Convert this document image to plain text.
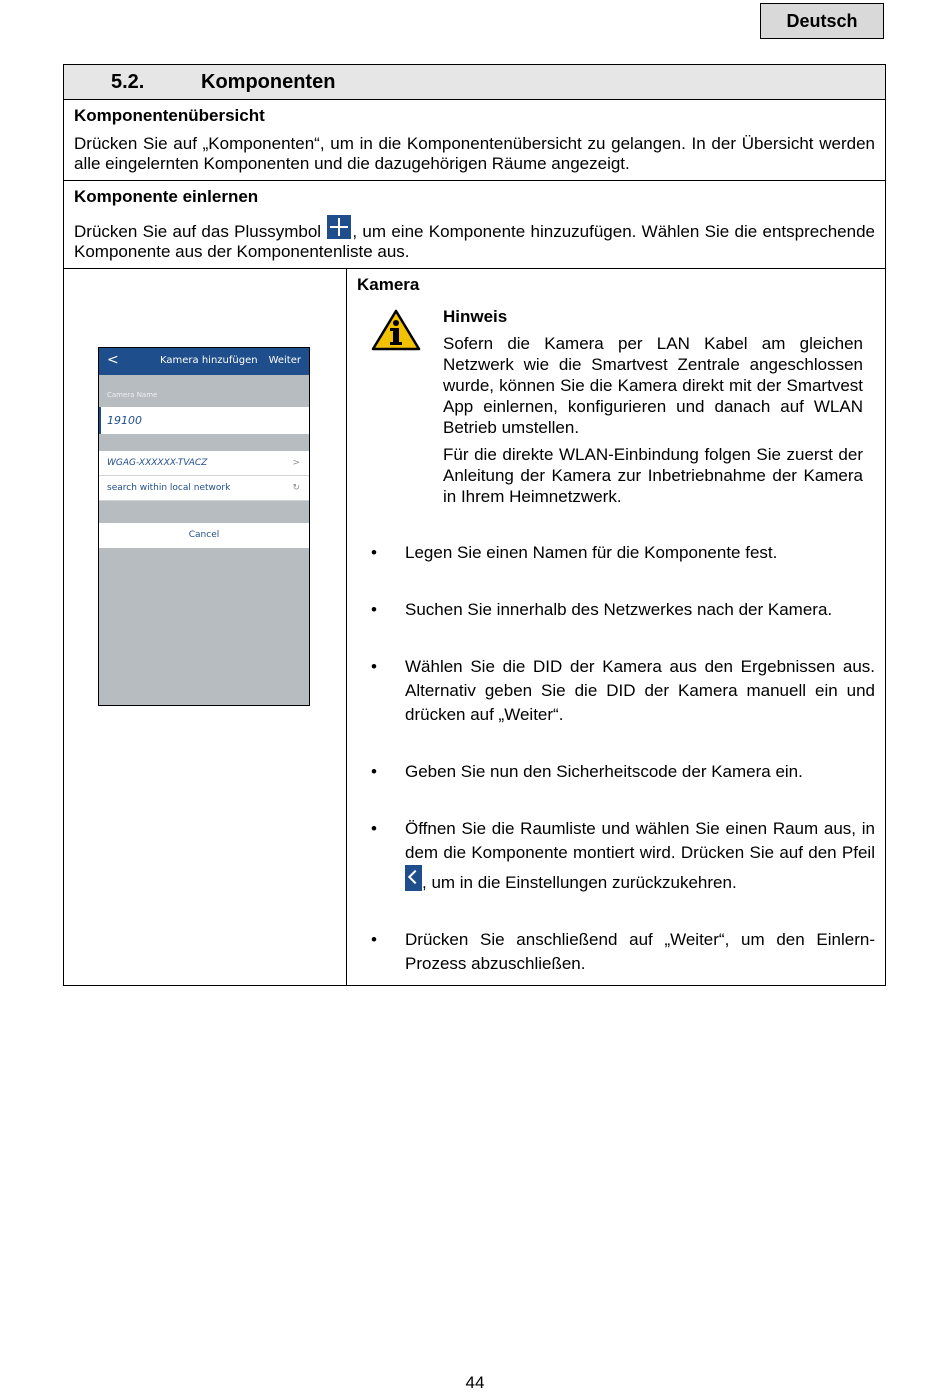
Deutsch
5.2.	Komponenten
Komponentenübersicht

Drücken Sie auf „Komponenten“, um in die Komponentenübersicht zu gelangen. In der Übersicht werden alle eingelernten Komponenten und die dazugehörigen Räume angezeigt.

Komponente einlernen

Drücken Sie auf das Plussymbol , um eine Komponente hinzuzufügen. Wählen Sie die entsprechende Komponente aus der Komponentenliste aus.

<	Kamera hinzufügen Weiter
Camera Name
19100
WGAG-XXXXXX-TVACZ	>
search within local network	↻
Cancel
Kamera
Hinweis

Sofern die Kamera per LAN Kabel am gleichen Netzwerk wie die Smartvest Zentrale angeschlossen wurde, können Sie die Kamera direkt mit der Smartvest App einlernen, konfigurieren und danach auf WLAN Betrieb umstellen.

Für die direkte WLAN-Einbindung folgen Sie zuerst der Anleitung der Kamera zur Inbetriebnahme der Kamera in Ihrem Heimnetzwerk.

• Legen Sie einen Namen für die Komponente fest.
• Suchen Sie innerhalb des Netzwerkes nach der Kamera.
• Wählen Sie die DID der Kamera aus den Ergebnissen aus. Alternativ geben Sie die DID der Kamera manuell ein und drücken auf „Weiter“.
• Geben Sie nun den Sicherheitscode der Kamera ein.
• Öffnen Sie die Raumliste und wählen Sie einen Raum aus, in dem die Komponente montiert wird. Drücken Sie auf den Pfeil , um in die Einstellungen zurückzukehren.
• Drücken Sie anschließend auf „Weiter“, um den Einlern-Prozess abzuschließen.
44
